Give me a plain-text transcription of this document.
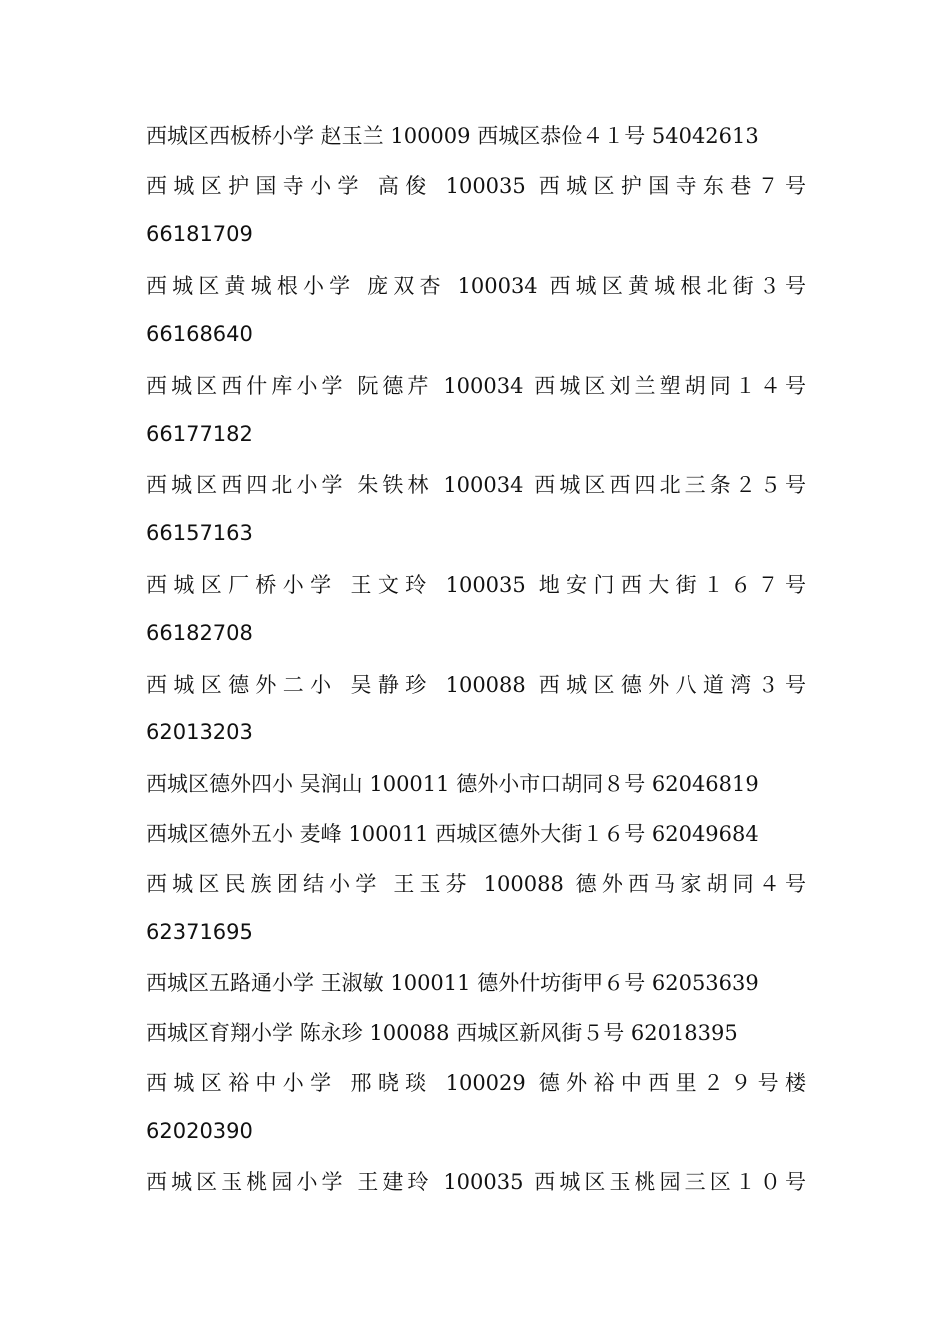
西城区西板桥小学 赵玉兰 100009 西城区恭俭４１号 54042613
西城区护国寺小学 高俊 100035 西城区护国寺东巷７号
66181709
西城区黄城根小学 庞双杏 100034 西城区黄城根北街３号
66168640
西城区西什库小学 阮德芹 100034 西城区刘兰塑胡同１４号
66177182
西城区西四北小学 朱铁林 100034 西城区西四北三条２５号
66157163
西城区厂桥小学 王文玲 100035 地安门西大街１６７号
66182708
西城区德外二小 吴静珍 100088 西城区德外八道湾３号
62013203
西城区德外四小 吴润山 100011 德外小市口胡同８号 62046819
西城区德外五小 麦峰 100011 西城区德外大街１６号 62049684
西城区民族团结小学 王玉芬 100088 德外西马家胡同４号
62371695
西城区五路通小学 王淑敏 100011 德外什坊街甲６号 62053639
西城区育翔小学 陈永珍 100088 西城区新风街５号 62018395
西城区裕中小学 邢晓琰 100029 德外裕中西里２９号楼
62020390
西城区玉桃园小学 王建玲 100035 西城区玉桃园三区１０号
